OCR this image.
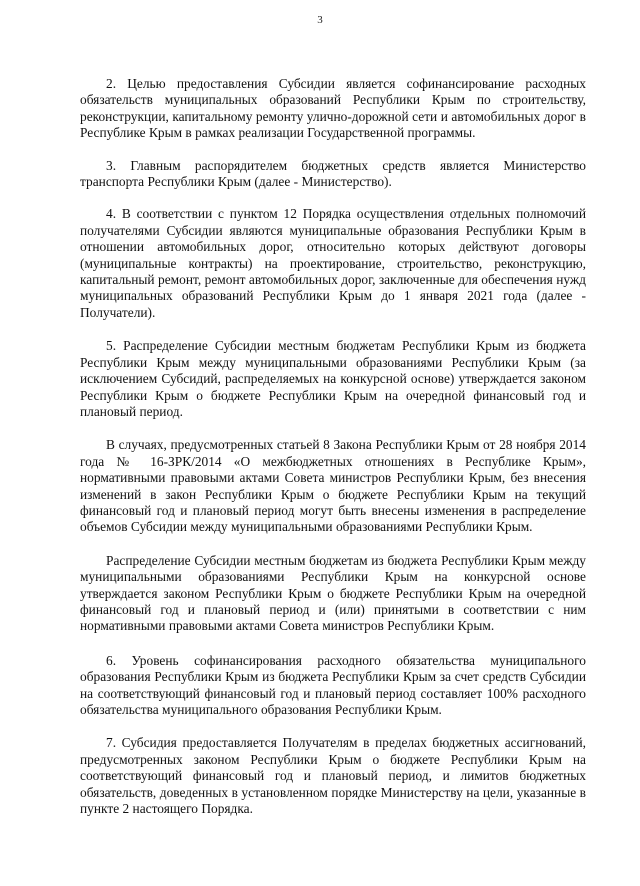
3

2. Целью предоставления Субсидии является софинансирование расходных обязательств муниципальных образований Республики Крым по строительству, реконструкции, капитальному ремонту улично-дорожной сети и автомобильных дорог в Республике Крым в рамках реализации Государственной программы.

3. Главным распорядителем бюджетных средств является Министерство транспорта Республики Крым (далее - Министерство).

4. В соответствии с пунктом 12 Порядка осуществления отдельных полномочий получателями Субсидии являются муниципальные образования Республики Крым в отношении автомобильных дорог, относительно которых действуют договоры (муниципальные контракты) на проектирование, строительство, реконструкцию, капитальный ремонт, ремонт автомобильных дорог, заключенные для обеспечения нужд муниципальных образований Республики Крым до 1 января 2021 года (далее - Получатели).

5. Распределение Субсидии местным бюджетам Республики Крым из бюджета Республики Крым между муниципальными образованиями Республики Крым (за исключением Субсидий, распределяемых на конкурсной основе) утверждается законом Республики Крым о бюджете Республики Крым на очередной финансовый год и плановый период.

В случаях, предусмотренных статьей 8 Закона Республики Крым от 28 ноября 2014 года № 16-ЗРК/2014 «О межбюджетных отношениях в Республике Крым», нормативными правовыми актами Совета министров Республики Крым, без внесения изменений в закон Республики Крым о бюджете Республики Крым на текущий финансовый год и плановый период могут быть внесены изменения в распределение объемов Субсидии между муниципальными образованиями Республики Крым.

Распределение Субсидии местным бюджетам из бюджета Республики Крым между муниципальными образованиями Республики Крым на конкурсной основе утверждается законом Республики Крым о бюджете Республики Крым на очередной финансовый год и плановый период и (или) принятыми в соответствии с ним нормативными правовыми актами Совета министров Республики Крым.

6. Уровень софинансирования расходного обязательства муниципального образования Республики Крым из бюджета Республики Крым за счет средств Субсидии на соответствующий финансовый год и плановый период составляет 100% расходного обязательства муниципального образования Республики Крым.

7. Субсидия предоставляется Получателям в пределах бюджетных ассигнований, предусмотренных законом Республики Крым о бюджете Республики Крым на соответствующий финансовый год и плановый период, и лимитов бюджетных обязательств, доведенных в установленном порядке Министерству на цели, указанные в пункте 2 настоящего Порядка.
